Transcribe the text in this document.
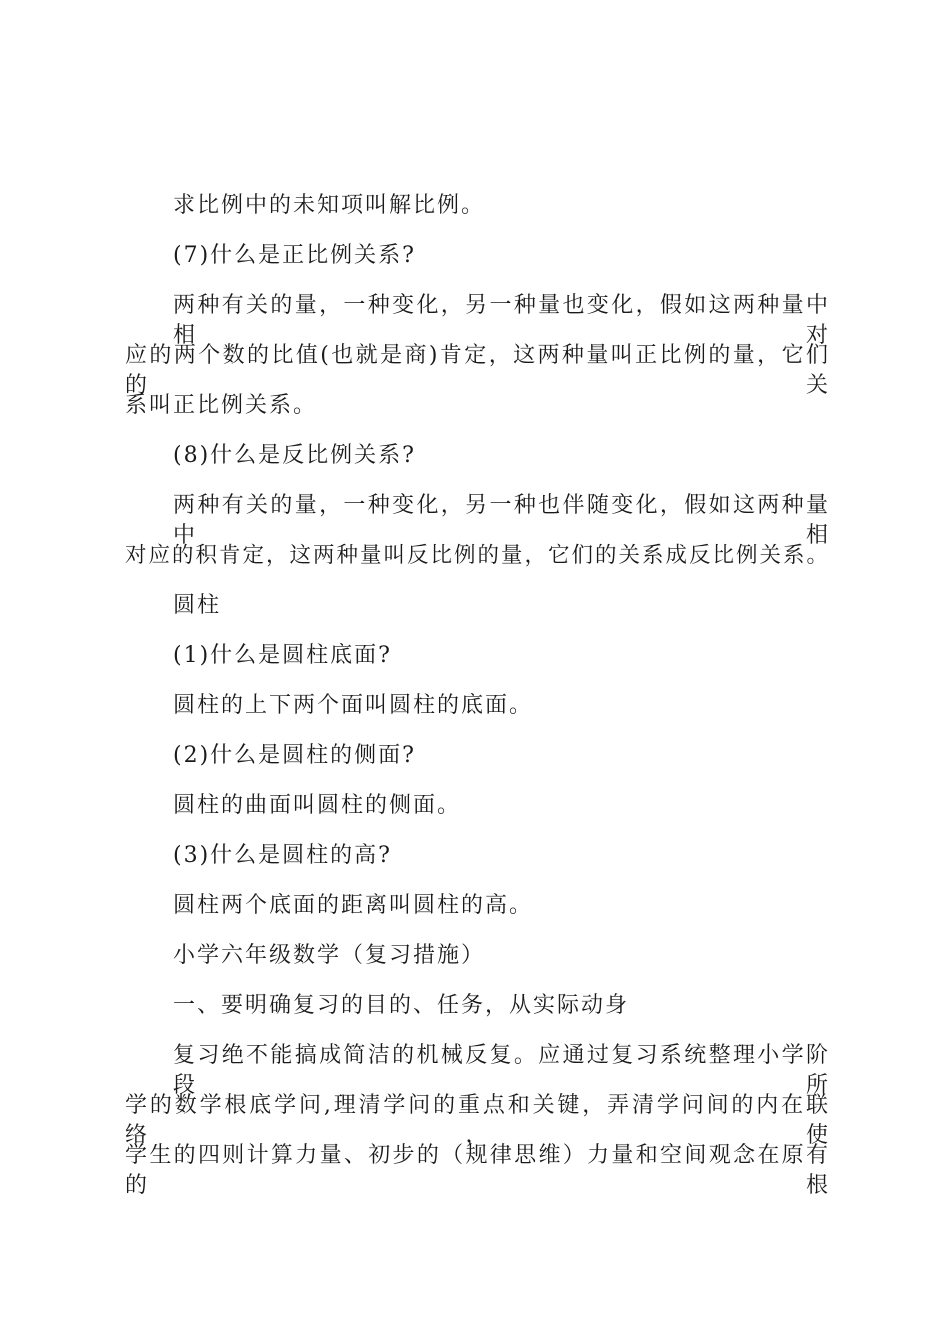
求比例中的未知项叫解比例。
(7)什么是正比例关系?
两种有关的量，一种变化，另一种量也变化，假如这两种量中相对
应的两个数的比值(也就是商)肯定，这两种量叫正比例的量，它们的关
系叫正比例关系。
(8)什么是反比例关系?
两种有关的量，一种变化，另一种也伴随变化，假如这两种量中相
对应的积肯定，这两种量叫反比例的量，它们的关系成反比例关系。
圆柱
(1)什么是圆柱底面?
圆柱的上下两个面叫圆柱的底面。
(2)什么是圆柱的侧面?
圆柱的曲面叫圆柱的侧面。
(3)什么是圆柱的高?
圆柱两个底面的距离叫圆柱的高。
小学六年级数学（复习措施）
一、要明确复习的目的、任务，从实际动身
复习绝不能搞成简洁的机械反复。应通过复习系统整理小学阶段所
学的数学根底学问,理清学问的重点和关键，弄清学问间的内在联络，使
学生的四则计算力量、初步的（规律思维）力量和空间观念在原有的根
